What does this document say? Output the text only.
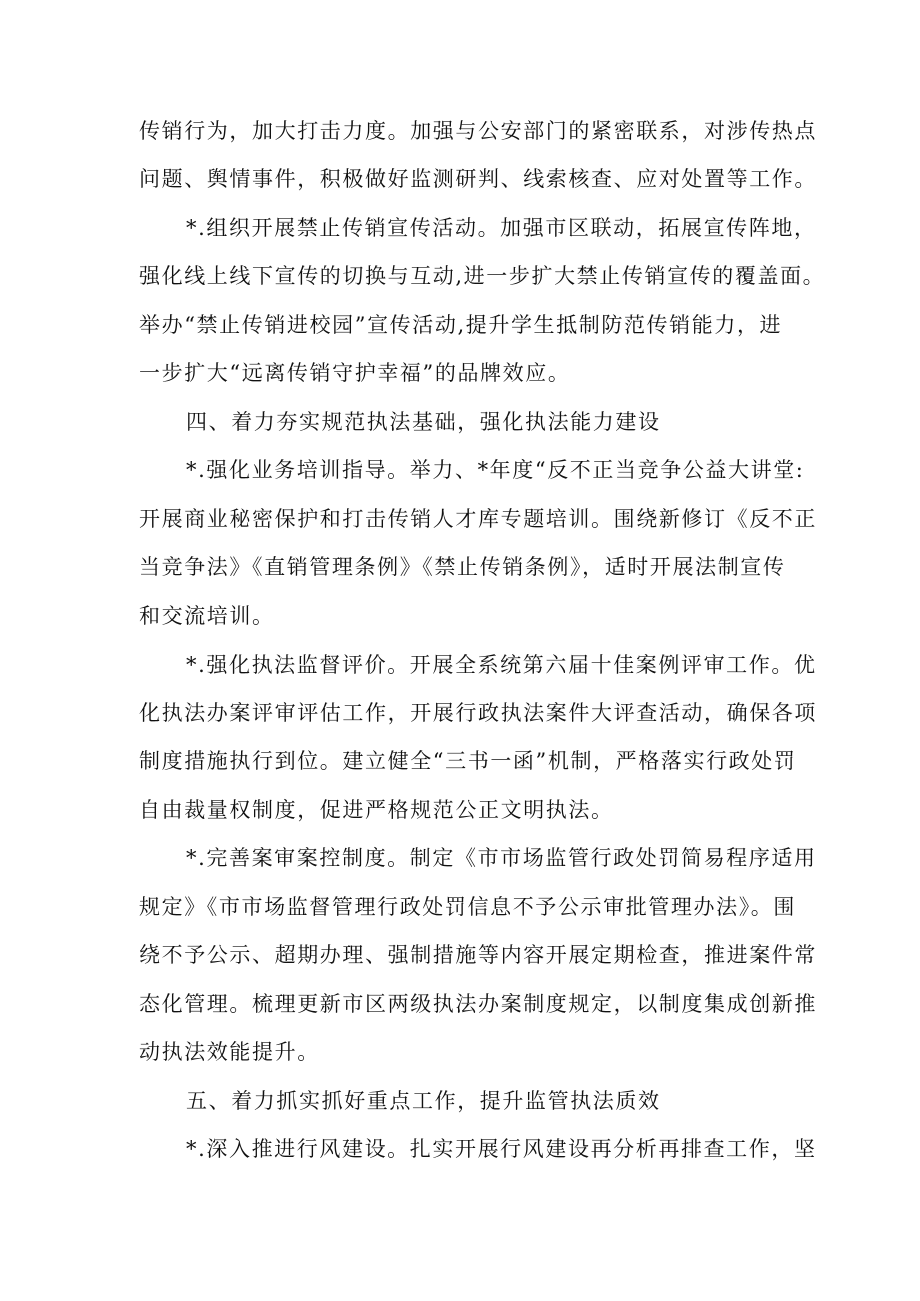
传销行为，加大打击力度。加强与公安部门的紧密联系，对涉传热点

问题、舆情事件，积极做好监测研判、线索核查、应对处置等工作。

*.组织开展禁止传销宣传活动。加强市区联动，拓展宣传阵地，

强化线上线下宣传的切换与互动,进一步扩大禁止传销宣传的覆盖面。

举办“禁止传销进校园”宣传活动,提升学生抵制防范传销能力，进

一步扩大“远离传销守护幸福”的品牌效应。

四、着力夯实规范执法基础，强化执法能力建设

*.强化业务培训指导。举力、*年度“反不正当竞争公益大讲堂:

开展商业秘密保护和打击传销人才库专题培训。围绕新修订《反不正

当竞争法》《直销管理条例》《禁止传销条例》，适时开展法制宣传

和交流培训。

*.强化执法监督评价。开展全系统第六届十佳案例评审工作。优

化执法办案评审评估工作，开展行政执法案件大评查活动，确保各项

制度措施执行到位。建立健全“三书一函”机制，严格落实行政处罚

自由裁量权制度，促进严格规范公正文明执法。

*.完善案审案控制度。制定《市市场监管行政处罚简易程序适用

规定》《市市场监督管理行政处罚信息不予公示审批管理办法》。围

绕不予公示、超期办理、强制措施等内容开展定期检查，推进案件常

态化管理。梳理更新市区两级执法办案制度规定，以制度集成创新推

动执法效能提升。

五、着力抓实抓好重点工作，提升监管执法质效

*.深入推进行风建设。扎实开展行风建设再分析再排查工作，坚
